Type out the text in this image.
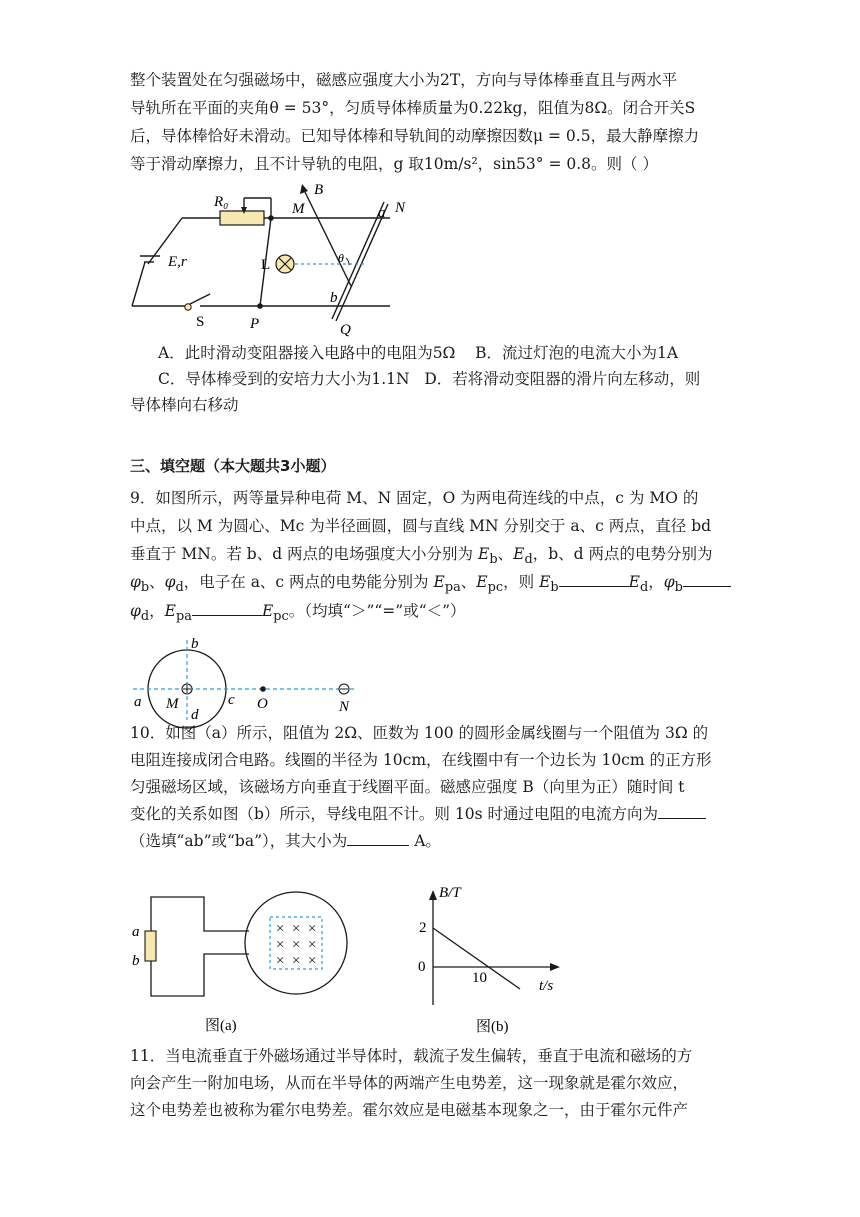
整个装置处在匀强磁场中，磁感应强度大小为2T，方向与导体棒垂直且与两水平
导轨所在平面的夹角θ = 53°，匀质导体棒质量为0.22kg，阻值为8Ω。闭合开关S
后，导体棒恰好未滑动。已知导体棒和导轨间的动摩擦因数μ = 0.5，最大静摩擦力
等于滑动摩擦力，且不计导轨的电阻，g 取10m/s²，sin53° = 0.8。则（ ）
R₀
E,r
S
L
M
P
a N
b
Q
B
θ
A．此时滑动变阻器接入电路中的电阻为5Ω B．流过灯泡的电流大小为1A
C．导体棒受到的安培力大小为1.1N D．若将滑动变阻器的滑片向左移动，则
导体棒向右移动
三、填空题（本大题共3小题）
9．如图所示，两等量异种电荷 M、N 固定，O 为两电荷连线的中点，c 为 MO 的
中点，以 M 为圆心、Mc 为半径画圆，圆与直线 MN 分别交于 a、c 两点，直径 bd
垂直于 MN。若 b、d 两点的电场强度大小分别为 $E_b$、$E_d$，b、d 两点的电势分别为
$\varphi_b$、$\varphi_d$，电子在 a、c 两点的电势能分别为 $E_{pa}$、$E_{pc}$，则 $E_b$	$E_d$，$\varphi_b$
$\varphi_d$，$E_{pa}$	$E_{pc}$。（均填“＞”“=”或“＜”）
b
a M	c O	N
d
10．如图（a）所示，阻值为 2Ω、匝数为 100 的圆形金属线圈与一个阻值为 3Ω 的
电阻连接成闭合电路。线圈的半径为 10cm，在线圈中有一个边长为 10cm 的正方形
匀强磁场区域，该磁场方向垂直于线圈平面。磁感应强度 B（向里为正）随时间 t
变化的关系如图（b）所示，导线电阻不计。则 10s 时通过电阻的电流方向为
（选填“ab”或“ba”），其大小为	A。
× × ×
× × ×
× × ×
a
b
图(a)
B/T
t/s
2
0
10
图(b)
11．当电流垂直于外磁场通过半导体时，载流子发生偏转，垂直于电流和磁场的方
向会产生一附加电场，从而在半导体的两端产生电势差，这一现象就是霍尔效应，
这个电势差也被称为霍尔电势差。霍尔效应是电磁基本现象之一，由于霍尔元件产
